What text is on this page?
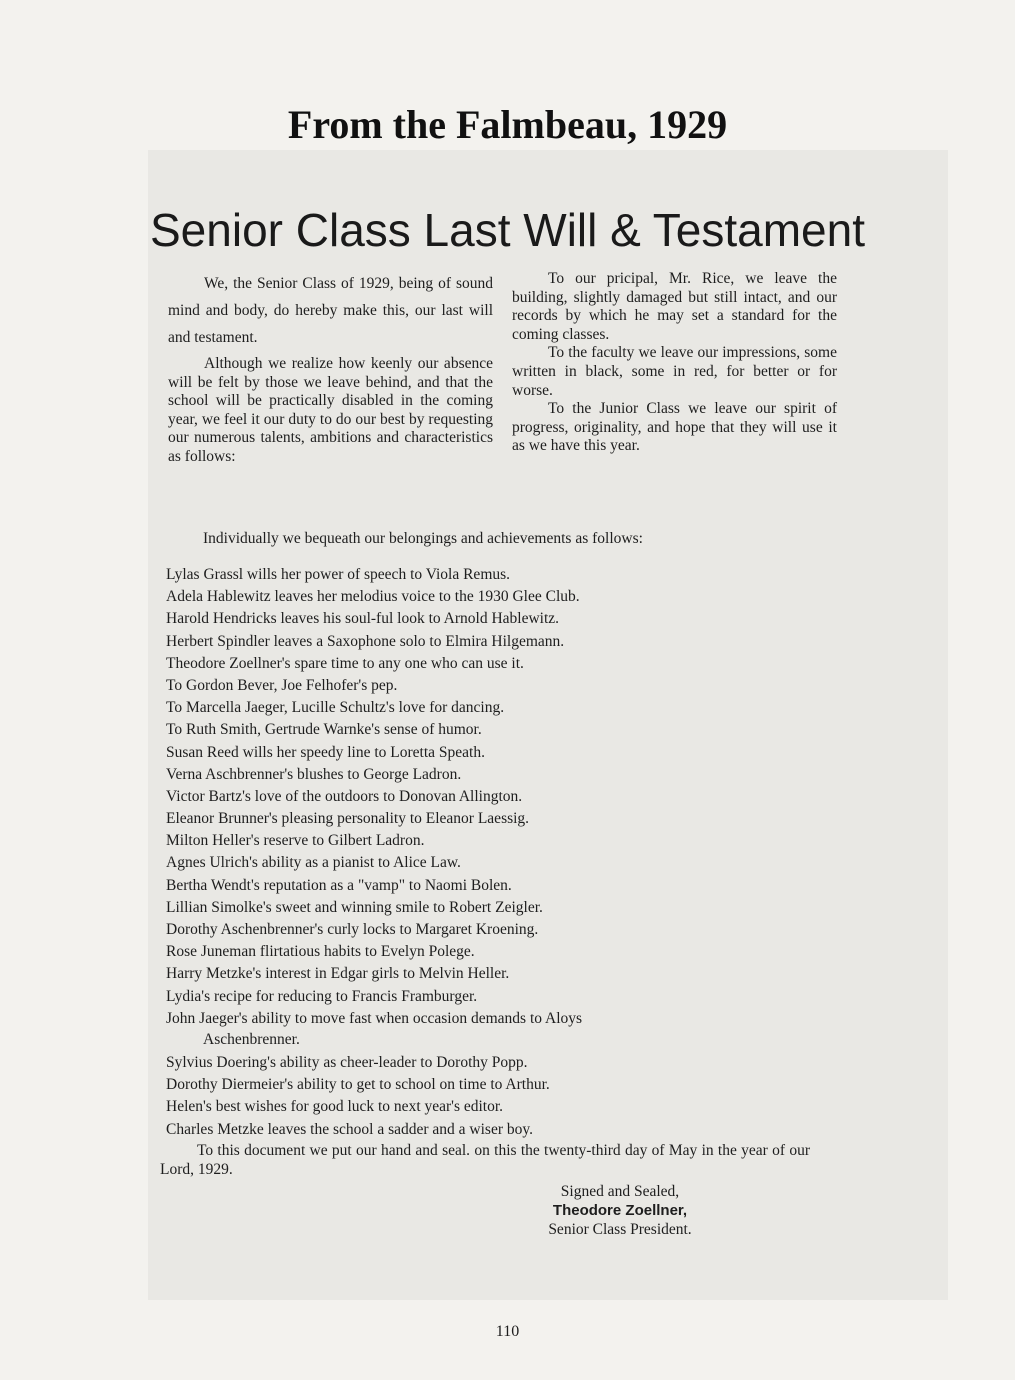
From the Falmbeau, 1929
Senior Class Last Will & Testament

We, the Senior Class of 1929, being of sound mind and body, do hereby make this, our last will and testament.

Although we realize how keenly our absence will be felt by those we leave behind, and that the school will be practically disabled in the coming year, we feel it our duty to do our best by requesting our numerous talents, ambitions and characteristics as follows:

To our pricipal, Mr. Rice, we leave the building, slightly damaged but still intact, and our records by which he may set a standard for the coming classes.

To the faculty we leave our impressions, some written in black, some in red, for better or for worse.

To the Junior Class we leave our spirit of progress, originality, and hope that they will use it as we have this year.

Individually we bequeath our belongings and achievements as follows:
Lylas Grassl wills her power of speech to Viola Remus.
Adela Hablewitz leaves her melodius voice to the 1930 Glee Club.
Harold Hendricks leaves his soul-ful look to Arnold Hablewitz.
Herbert Spindler leaves a Saxophone solo to Elmira Hilgemann.
Theodore Zoellner's spare time to any one who can use it.
To Gordon Bever, Joe Felhofer's pep.
To Marcella Jaeger, Lucille Schultz's love for dancing.
To Ruth Smith, Gertrude Warnke's sense of humor.
Susan Reed wills her speedy line to Loretta Speath.
Verna Aschbrenner's blushes to George Ladron.
Victor Bartz's love of the outdoors to Donovan Allington.
Eleanor Brunner's pleasing personality to Eleanor Laessig.
Milton Heller's reserve to Gilbert Ladron.
Agnes Ulrich's ability as a pianist to Alice Law.
Bertha Wendt's reputation as a "vamp" to Naomi Bolen.
Lillian Simolke's sweet and winning smile to Robert Zeigler.
Dorothy Aschenbrenner's curly locks to Margaret Kroening.
Rose Juneman flirtatious habits to Evelyn Polege.
Harry Metzke's interest in Edgar girls to Melvin Heller.
Lydia's recipe for reducing to Francis Framburger.
John Jaeger's ability to move fast when occasion demands to Aloys
Aschenbrenner.
Sylvius Doering's ability as cheer-leader to Dorothy Popp.
Dorothy Diermeier's ability to get to school on time to Arthur.
Helen's best wishes for good luck to next year's editor.
Charles Metzke leaves the school a sadder and a wiser boy.
To this document we put our hand and seal. on this the twenty-third day of May in the year of our Lord, 1929.
Signed and Sealed,
Theodore Zoellner,
Senior Class President.
110
